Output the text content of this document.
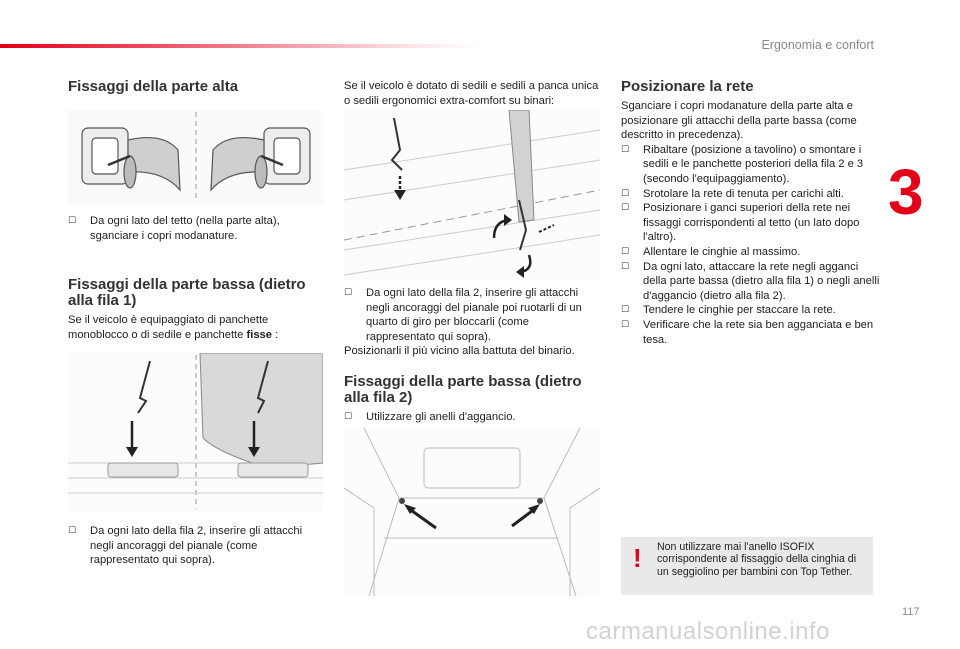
Ergonomia e confort
3
Fissaggi della parte alta

☐ Da ogni lato del tetto (nella parte alta), sganciare i copri modanature.

Fissaggi della parte bassa (dietro alla fila 1)

Se il veicolo è equipaggiato di panchette monoblocco o di sedile e panchette fisse :

☐ Da ogni lato della fila 2, inserire gli attacchi negli ancoraggi del pianale (come rappresentato qui sopra).

Se il veicolo è dotato di sedili e sedili a panca unica o sedili ergonomici extra-comfort su binari:

☐ Da ogni lato della fila 2, inserire gli attacchi negli ancoraggi del pianale poi ruotarli di un quarto di giro per bloccarli (come rappresentato qui sopra).

Posizionarli il più vicino alla battuta del binario.

Fissaggi della parte bassa (dietro alla fila 2)

☐ Utilizzare gli anelli d'aggancio.

Posizionare la rete

Sganciare i copri modanature della parte alta e posizionare gli attacchi della parte bassa (come descritto in precedenza).

☐ Ribaltare (posizione a tavolino) o smontare i sedili e le panchette posteriori della fila 2 e 3 (secondo l'equipaggiamento).

☐ Srotolare la rete di tenuta per carichi alti.

☐ Posizionare i ganci superiori della rete nei fissaggi corrispondenti al tetto (un lato dopo l'altro).

☐ Allentare le cinghie al massimo.

☐ Da ogni lato, attaccare la rete negli agganci della parte bassa (dietro alla fila 1) o negli anelli d'aggancio (dietro alla fila 2).

☐ Tendere le cinghie per staccare la rete.

☐ Verificare che la rete sia ben agganciata e ben tesa.

! Non utilizzare mai l'anello ISOFIX corrispondente al fissaggio della cinghia di un seggiolino per bambini con Top Tether.
117
carmanualsonline.info
